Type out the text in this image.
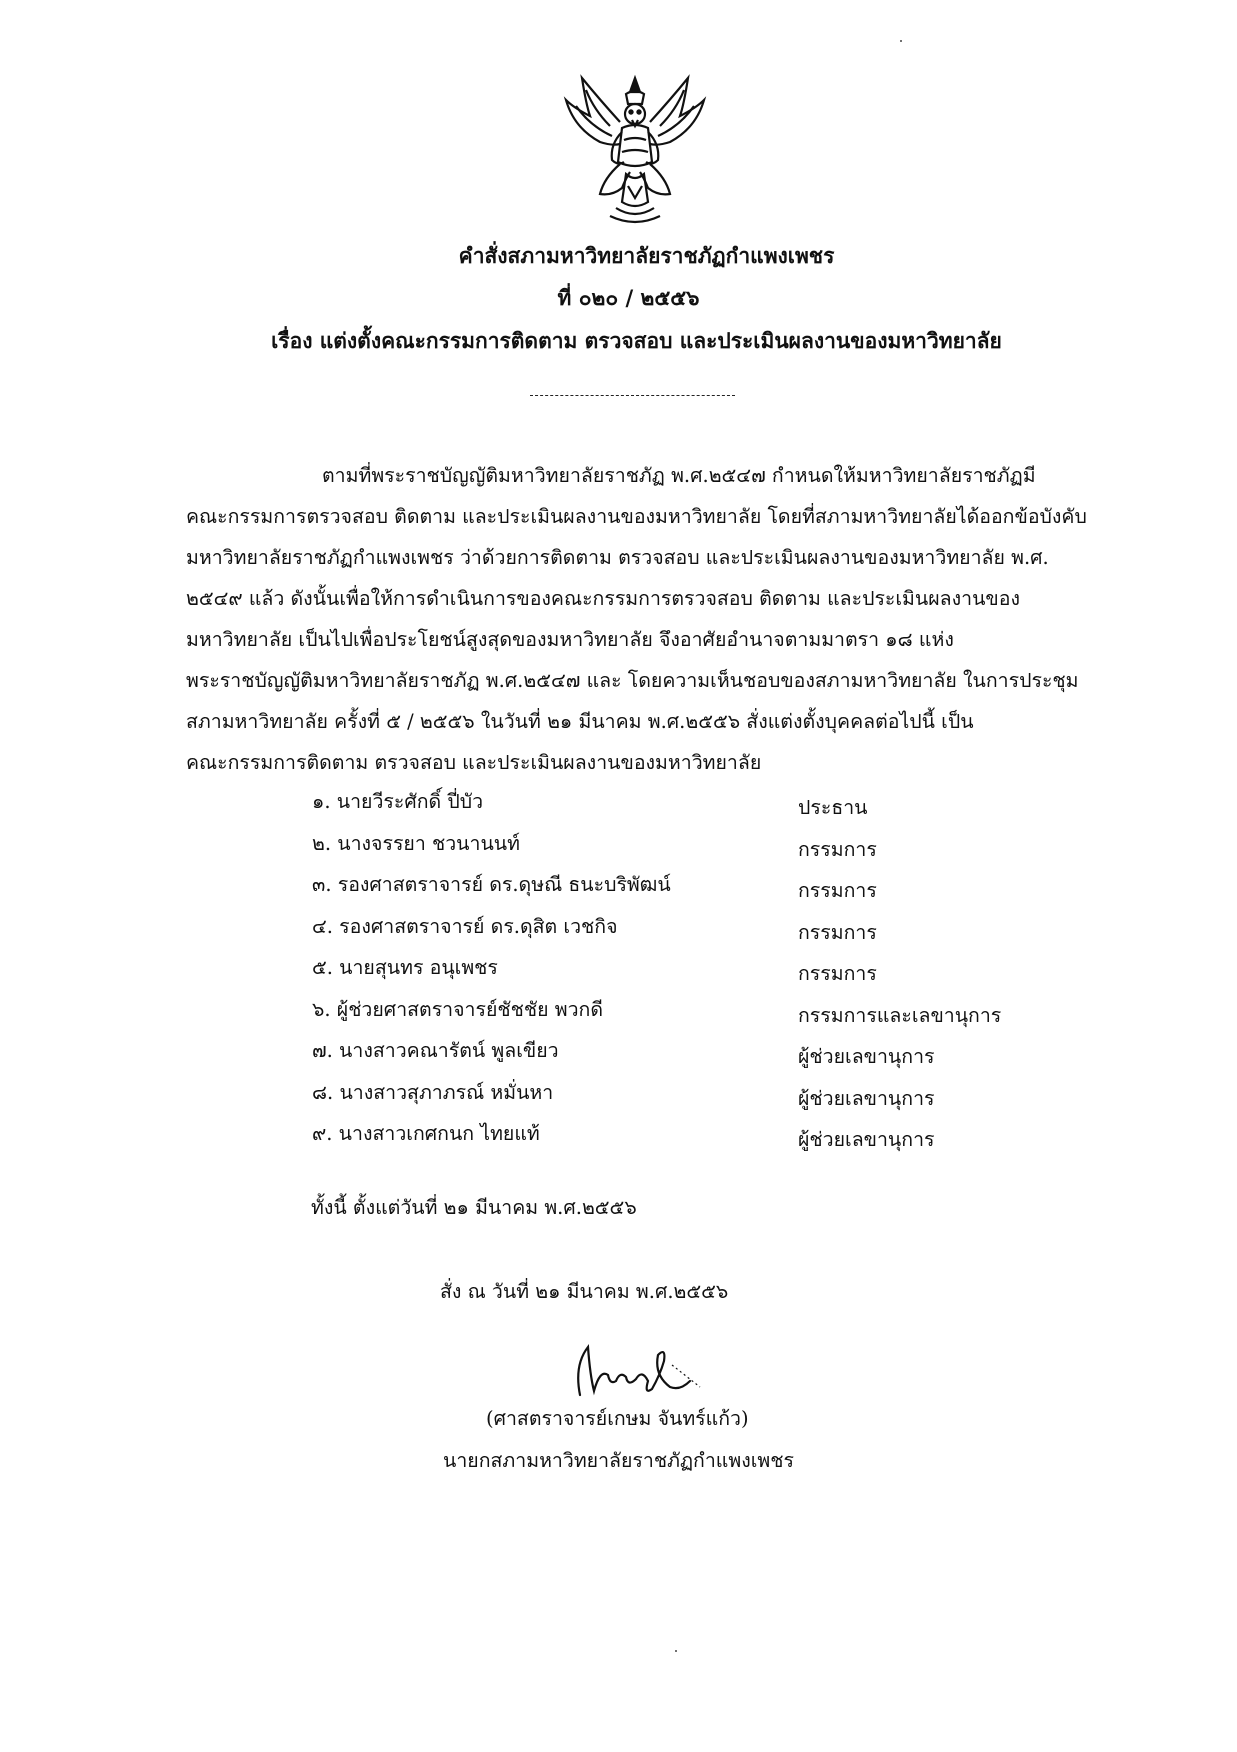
คำสั่งสภามหาวิทยาลัยราชภัฏกำแพงเพชร
ที่ ๐๒๐ / ๒๕๕๖
เรื่อง แต่งตั้งคณะกรรมการติดตาม ตรวจสอบ และประเมินผลงานของมหาวิทยาลัย
ตามที่พระราชบัญญัติมหาวิทยาลัยราชภัฏ พ.ศ.๒๕๔๗ กำหนดให้มหาวิทยาลัยราชภัฏมี
คณะกรรมการตรวจสอบ ติดตาม และประเมินผลงานของมหาวิทยาลัย โดยที่สภามหาวิทยาลัยได้ออกข้อบังคับ
มหาวิทยาลัยราชภัฏกำแพงเพชร ว่าด้วยการติดตาม ตรวจสอบ และประเมินผลงานของมหาวิทยาลัย พ.ศ.
๒๕๔๙ แล้ว ดังนั้นเพื่อให้การดำเนินการของคณะกรรมการตรวจสอบ ติดตาม และประเมินผลงานของ
มหาวิทยาลัย เป็นไปเพื่อประโยชน์สูงสุดของมหาวิทยาลัย จึงอาศัยอำนาจตามมาตรา ๑๘ แห่ง
พระราชบัญญัติมหาวิทยาลัยราชภัฏ พ.ศ.๒๕๔๗ และ โดยความเห็นชอบของสภามหาวิทยาลัย ในการประชุม
สภามหาวิทยาลัย ครั้งที่ ๕ / ๒๕๕๖ ในวันที่ ๒๑ มีนาคม พ.ศ.๒๕๕๖ สั่งแต่งตั้งบุคคลต่อไปนี้ เป็น
คณะกรรมการติดตาม ตรวจสอบ และประเมินผลงานของมหาวิทยาลัย
๑. นายวีระศักดิ์ ปี่บัว	ประธาน
๒. นางจรรยา ชวนานนท์	กรรมการ
๓. รองศาสตราจารย์ ดร.ดุษณี ธนะบริพัฒน์	กรรมการ
๔. รองศาสตราจารย์ ดร.ดุสิต เวชกิจ	กรรมการ
๕. นายสุนทร อนุเพชร	กรรมการ
๖. ผู้ช่วยศาสตราจารย์ชัชชัย พวกดี	กรรมการและเลขานุการ
๗. นางสาวคณารัตน์ พูลเขียว	ผู้ช่วยเลขานุการ
๘. นางสาวสุภาภรณ์ หมั่นหา	ผู้ช่วยเลขานุการ
๙. นางสาวเกศกนก ไทยแท้	ผู้ช่วยเลขานุการ
ทั้งนี้ ตั้งแต่วันที่ ๒๑ มีนาคม พ.ศ.๒๕๕๖
สั่ง ณ วันที่ ๒๑ มีนาคม พ.ศ.๒๕๕๖
(ศาสตราจารย์เกษม จันทร์แก้ว)
นายกสภามหาวิทยาลัยราชภัฏกำแพงเพชร
